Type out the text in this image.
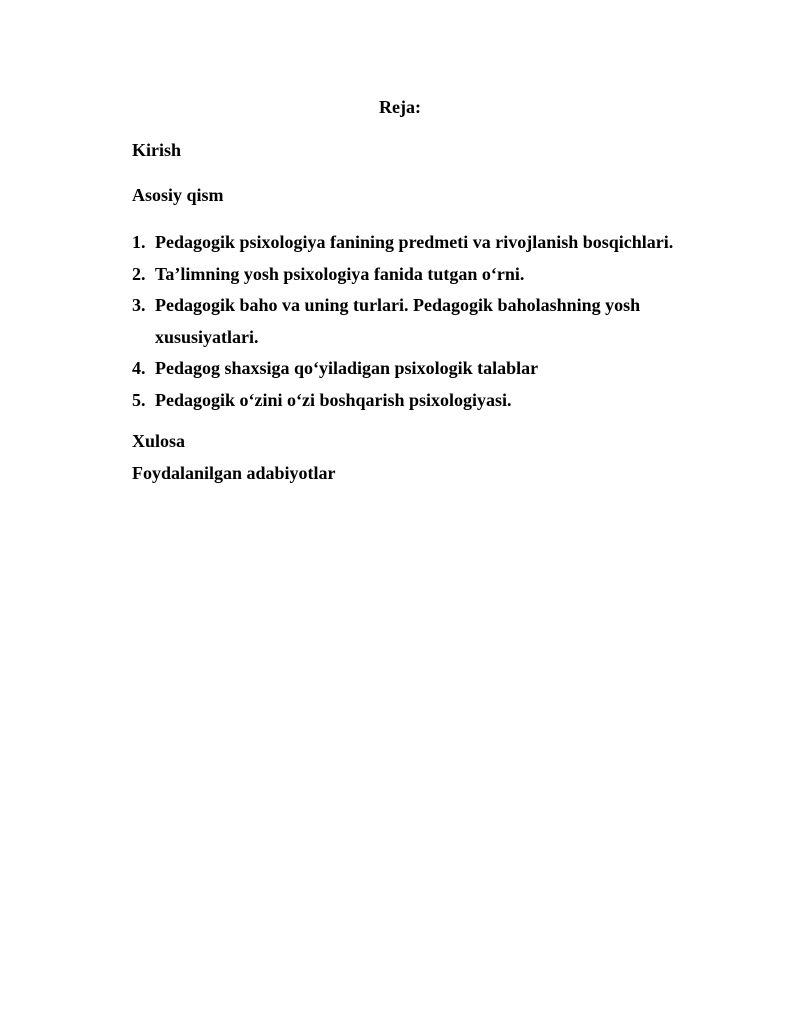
Reja:
Kirish
Asosiy qism
1. Pedagogik psixologiya fanining predmeti va rivojlanish bosqichlari.
2. Ta’limning yosh psixologiya fanida tutgan o‘rni.
3. Pedagogik baho va uning turlari. Pedagogik baholashning yosh xususiyatlari.
4. Pedagog shaxsiga qo‘yiladigan psixologik talablar
5. Pedagogik o‘zini o‘zi boshqarish psixologiyasi.
Xulosa
Foydalanilgan adabiyotlar
